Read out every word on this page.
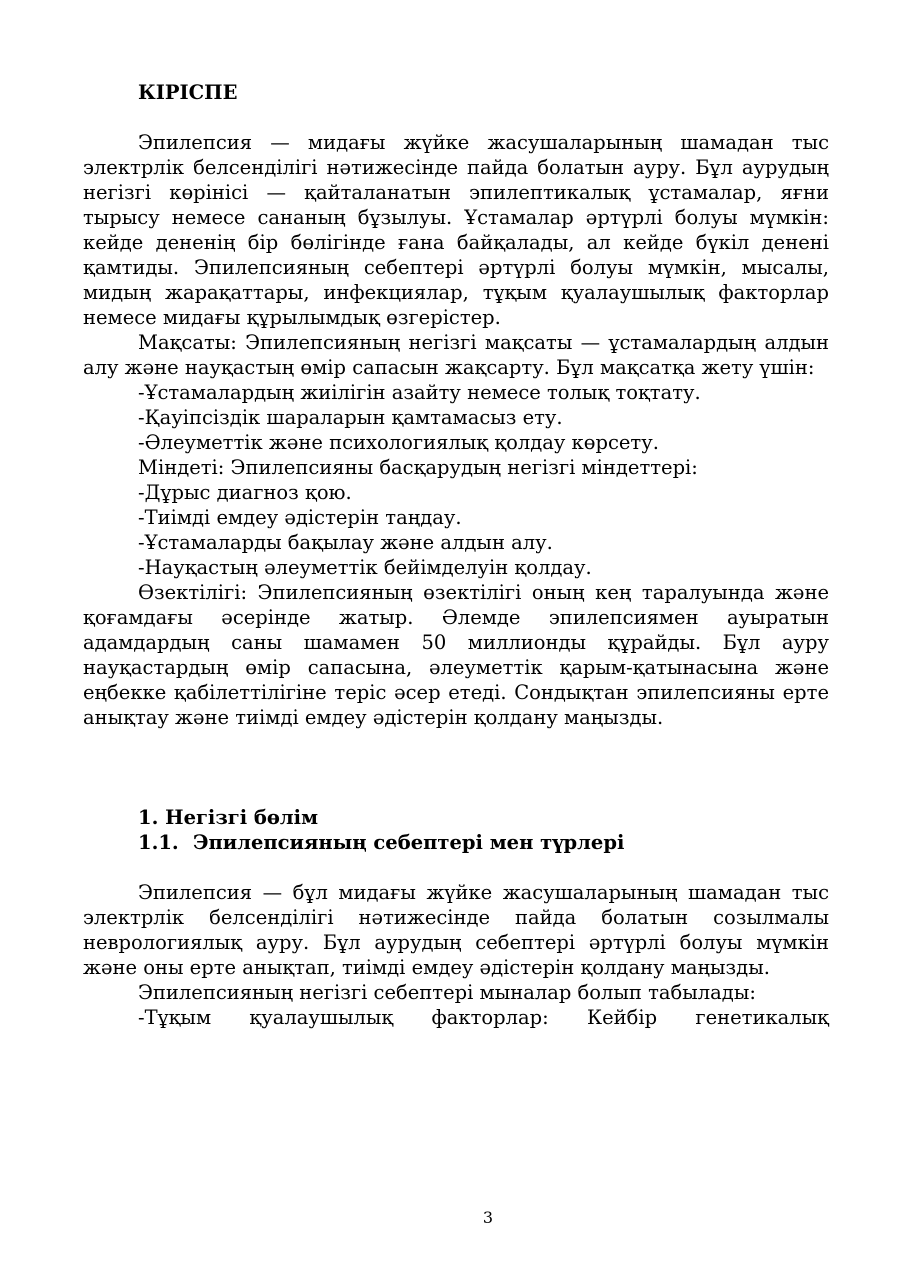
КІРІСПЕ

Эпилепсия — мидағы жүйке жасушаларының шамадан тыс электрлік белсенділігі нәтижесінде пайда болатын ауру. Бұл аурудың негізгі көрінісі — қайталанатын эпилептикалық ұстамалар, яғни тырысу немесе сананың бұзылуы. Ұстамалар әртүрлі болуы мүмкін: кейде дененің бір бөлігінде ғана байқалады, ал кейде бүкіл денені қамтиды. Эпилепсияның себептері әртүрлі болуы мүмкін, мысалы, мидың жарақаттары, инфекциялар, тұқым қуалаушылық факторлар немесе мидағы құрылымдық өзгерістер.

Мақсаты: Эпилепсияның негізгі мақсаты — ұстамалардың алдын алу және науқастың өмір сапасын жақсарту. Бұл мақсатқа жету үшін:

-Ұстамалардың жиілігін азайту немесе толық тоқтату.

-Қауіпсіздік шараларын қамтамасыз ету.

-Әлеуметтік және психологиялық қолдау көрсету.

Міндеті: Эпилепсияны басқарудың негізгі міндеттері:

-Дұрыс диагноз қою.

-Тиімді емдеу әдістерін таңдау.

-Ұстамаларды бақылау және алдын алу.

-Науқастың әлеуметтік бейімделуін қолдау.

Өзектілігі: Эпилепсияның өзектілігі оның кең таралуында және қоғамдағы әсерінде жатыр. Әлемде эпилепсиямен ауыратын адамдардың саны шамамен 50 миллионды құрайды. Бұл ауру науқастардың өмір сапасына, әлеуметтік қарым-қатынасына және еңбекке қабілеттілігіне теріс әсер етеді. Сондықтан эпилепсияны ерте анықтау және тиімді емдеу әдістерін қолдану маңызды.

1. Негізгі бөлім

1.1. Эпилепсияның себептері мен түрлері

Эпилепсия — бұл мидағы жүйке жасушаларының шамадан тыс электрлік белсенділігі нәтижесінде пайда болатын созылмалы неврологиялық ауру. Бұл аурудың себептері әртүрлі болуы мүмкін және оны ерте анықтап, тиімді емдеу әдістерін қолдану маңызды.

Эпилепсияның негізгі себептері мыналар болып табылады:

-Тұқым қуалаушылық факторлар: Кейбір генетикалық

3
